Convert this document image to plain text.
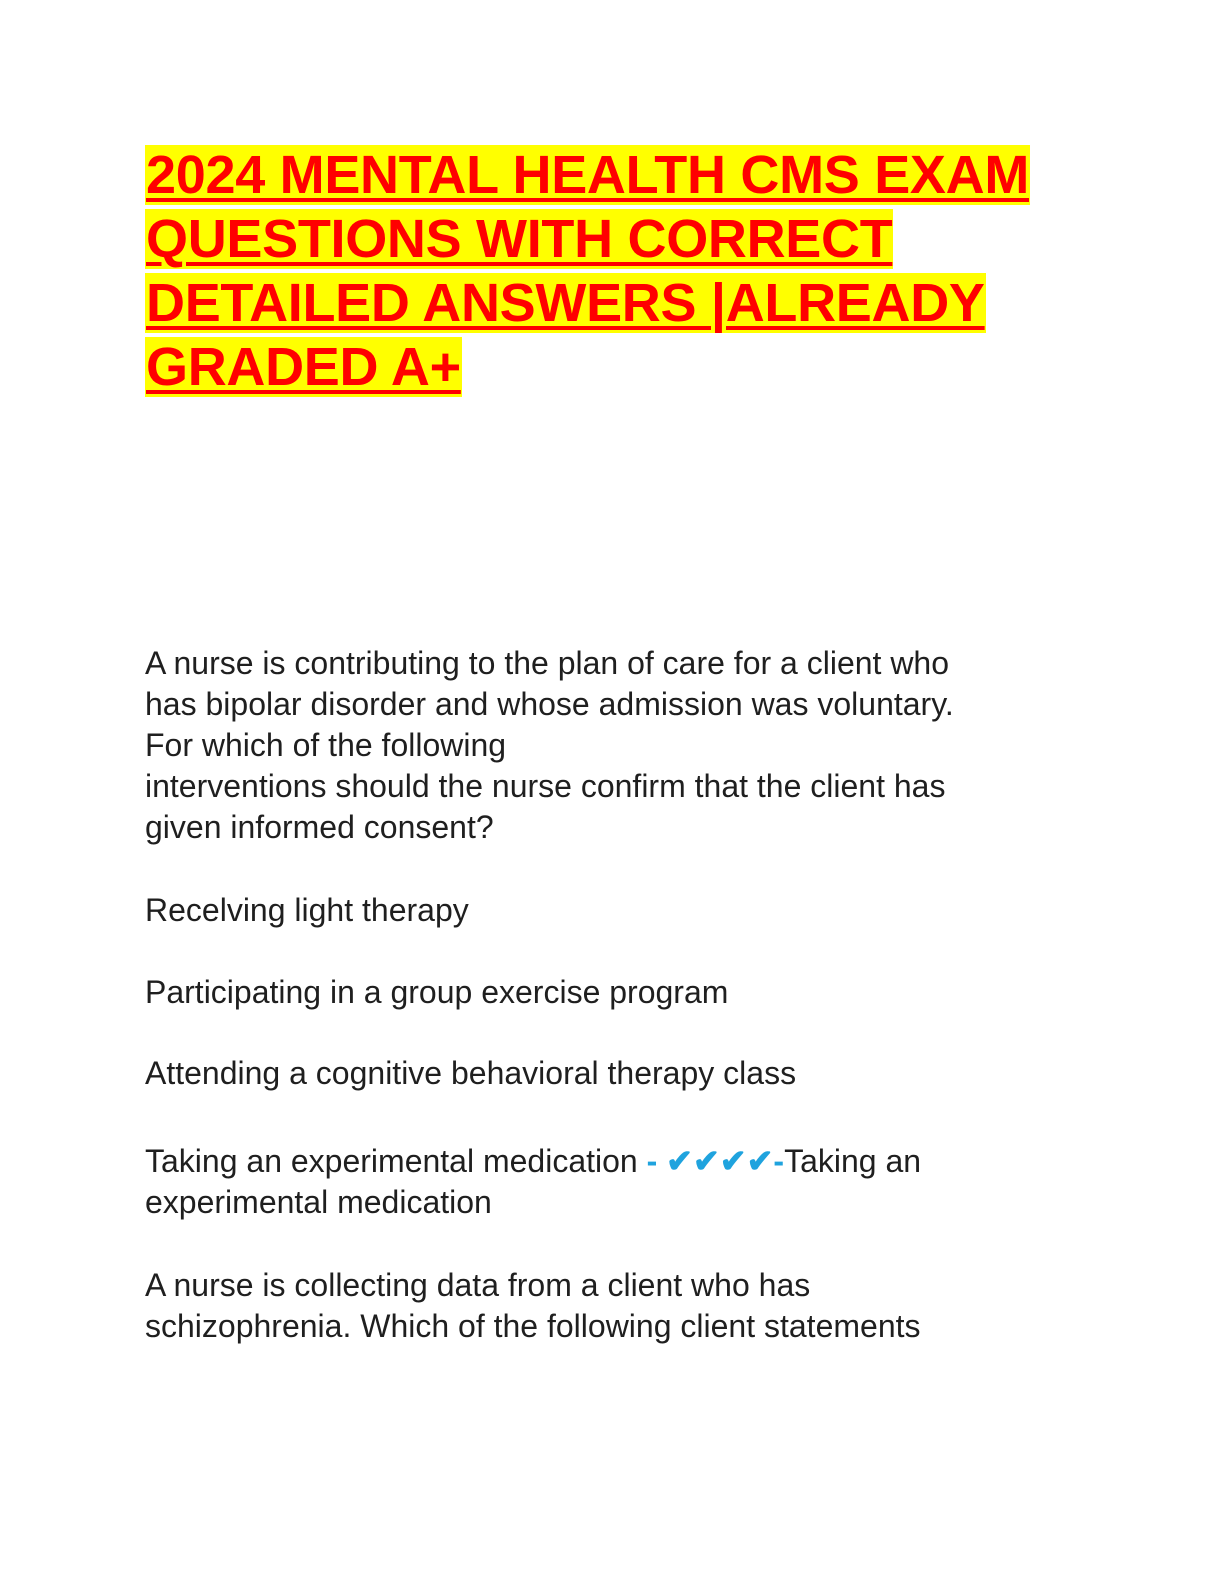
2024 MENTAL HEALTH CMS EXAM
QUESTIONS WITH CORRECT
DETAILED ANSWERS |ALREADY
GRADED A+
A nurse is contributing to the plan of care for a client who
has bipolar disorder and whose admission was voluntary.
For which of the following
interventions should the nurse confirm that the client has
given informed consent?
Recelving light therapy
Participating in a group exercise program
Attending a cognitive behavioral therapy class
Taking an experimental medication - ✔✔✔✔-Taking an
experimental medication
A nurse is collecting data from a client who has
schizophrenia. Which of the following client statements
